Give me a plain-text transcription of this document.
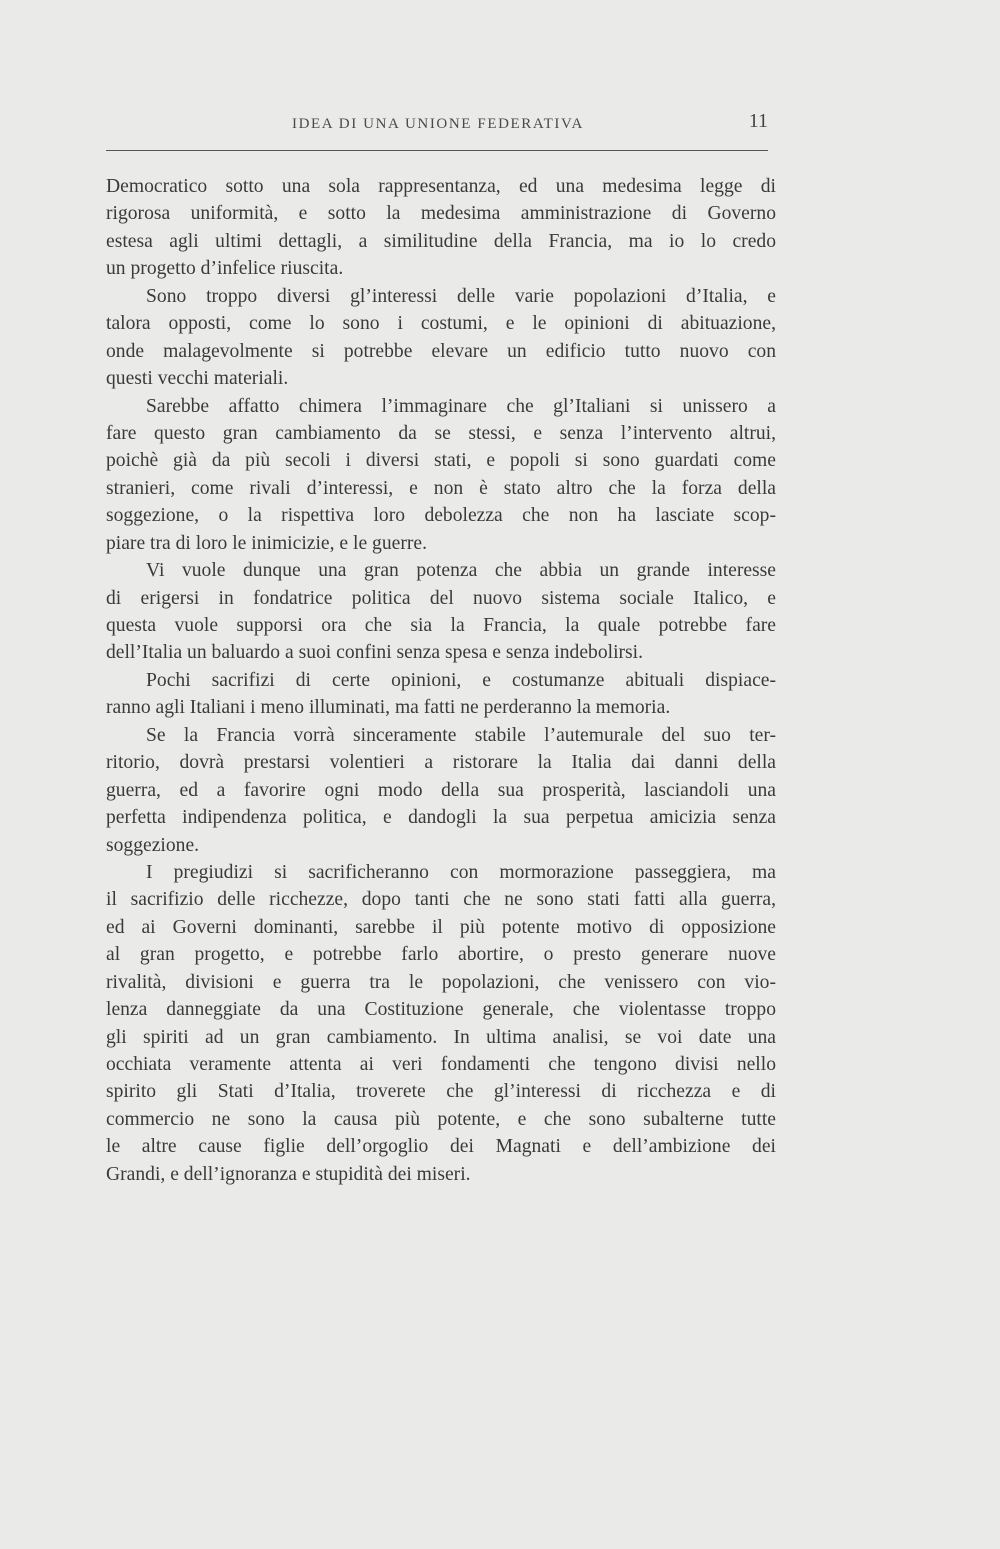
IDEA DI UNA UNIONE FEDERATIVA	11
Democratico sotto una sola rappresentanza, ed una medesima legge di
rigorosa uniformità, e sotto la medesima amministrazione di Governo
estesa agli ultimi dettagli, a similitudine della Francia, ma io lo credo
un progetto d’infelice riuscita.
Sono troppo diversi gl’interessi delle varie popolazioni d’Italia, e
talora opposti, come lo sono i costumi, e le opinioni di abituazione,
onde malagevolmente si potrebbe elevare un edificio tutto nuovo con
questi vecchi materiali.
Sarebbe affatto chimera l’immaginare che gl’Italiani si unissero a
fare questo gran cambiamento da se stessi, e senza l’intervento altrui,
poichè già da più secoli i diversi stati, e popoli si sono guardati come
stranieri, come rivali d’interessi, e non è stato altro che la forza della
soggezione, o la rispettiva loro debolezza che non ha lasciate scop-
piare tra di loro le inimicizie, e le guerre.
Vi vuole dunque una gran potenza che abbia un grande interesse
di erigersi in fondatrice politica del nuovo sistema sociale Italico, e
questa vuole supporsi ora che sia la Francia, la quale potrebbe fare
dell’Italia un baluardo a suoi confini senza spesa e senza indebolirsi.
Pochi sacrifizi di certe opinioni, e costumanze abituali dispiace-
ranno agli Italiani i meno illuminati, ma fatti ne perderanno la memoria.
Se la Francia vorrà sinceramente stabile l’autemurale del suo ter-
ritorio, dovrà prestarsi volentieri a ristorare la Italia dai danni della
guerra, ed a favorire ogni modo della sua prosperità, lasciandoli una
perfetta indipendenza politica, e dandogli la sua perpetua amicizia senza
soggezione.
I pregiudizi si sacrificheranno con mormorazione passeggiera, ma
il sacrifizio delle ricchezze, dopo tanti che ne sono stati fatti alla guerra,
ed ai Governi dominanti, sarebbe il più potente motivo di opposizione
al gran progetto, e potrebbe farlo abortire, o presto generare nuove
rivalità, divisioni e guerra tra le popolazioni, che venissero con vio-
lenza danneggiate da una Costituzione generale, che violentasse troppo
gli spiriti ad un gran cambiamento. In ultima analisi, se voi date una
occhiata veramente attenta ai veri fondamenti che tengono divisi nello
spirito gli Stati d’Italia, troverete che gl’interessi di ricchezza e di
commercio ne sono la causa più potente, e che sono subalterne tutte
le altre cause figlie dell’orgoglio dei Magnati e dell’ambizione dei
Grandi, e dell’ignoranza e stupidità dei miseri.
